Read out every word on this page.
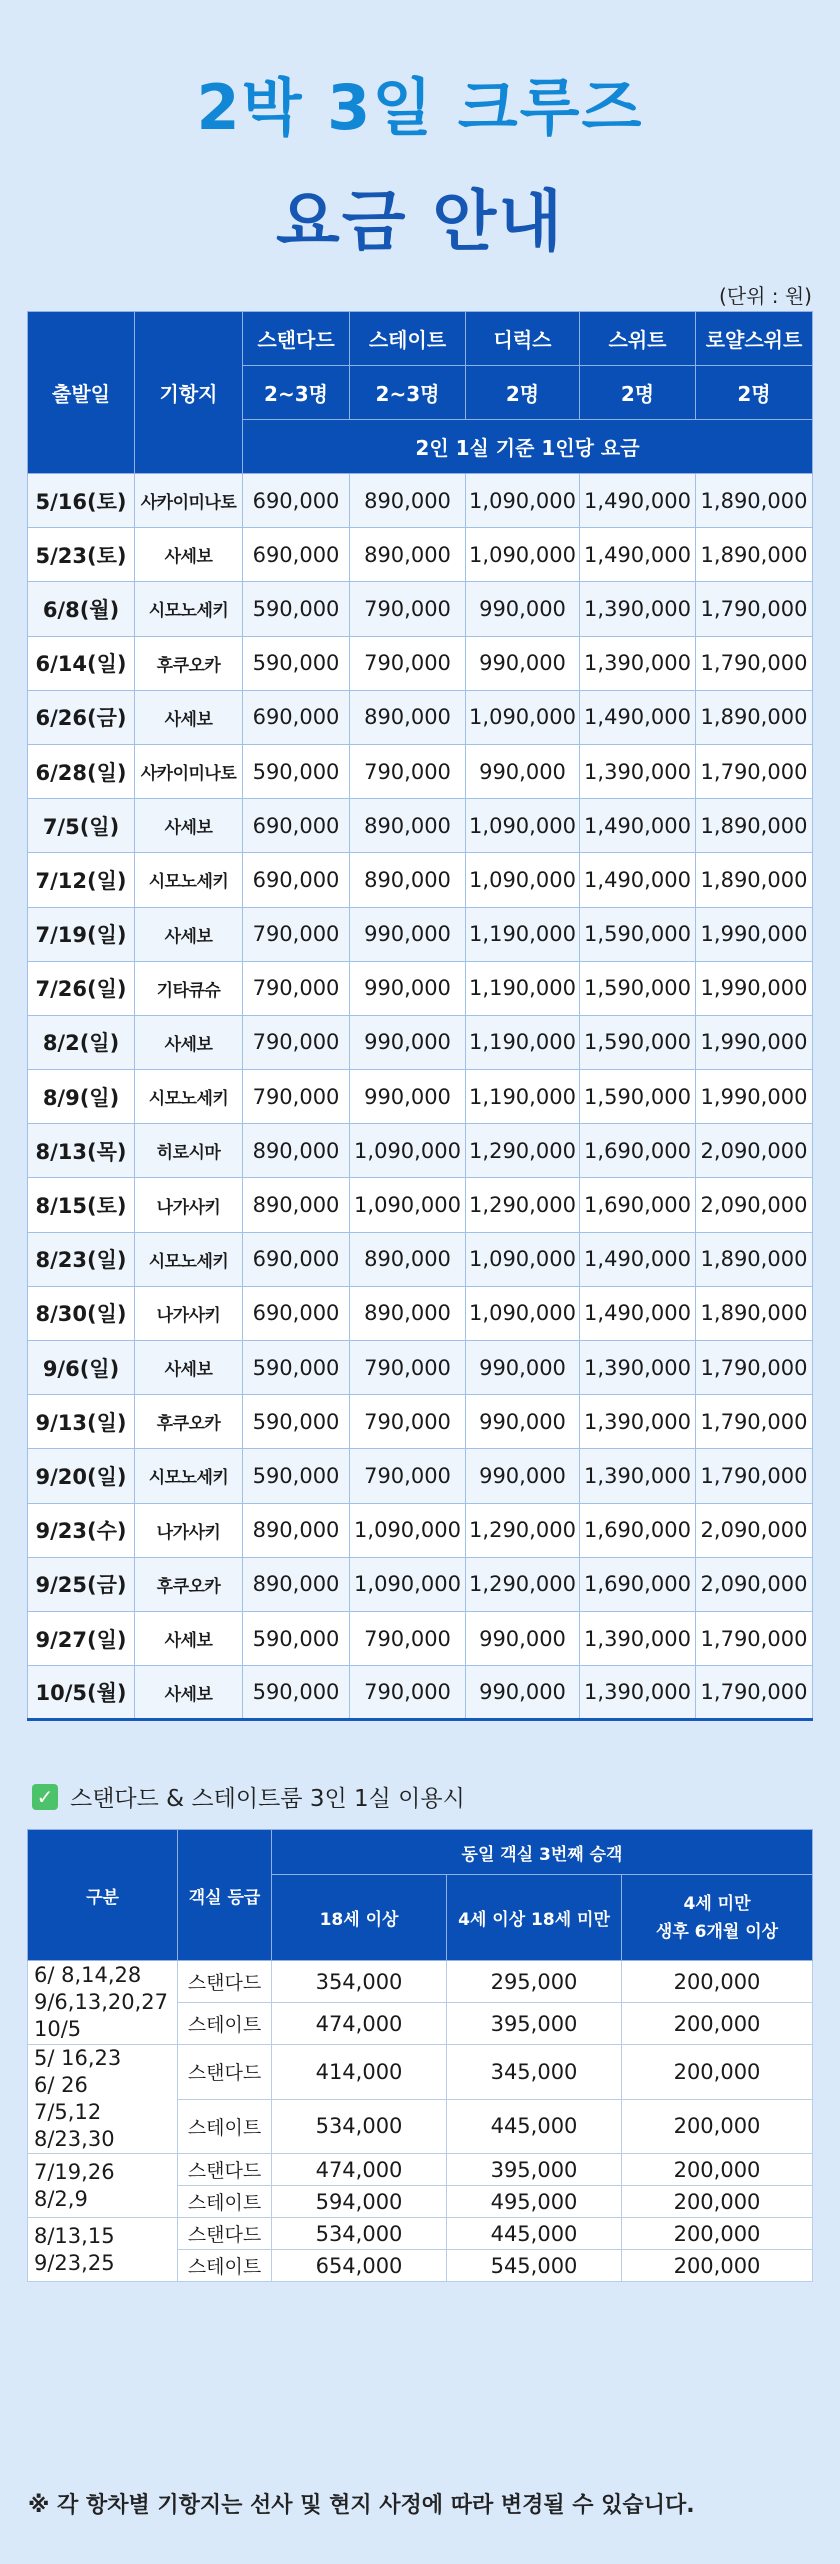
2박 3일 크루즈
요금 안내
(단위 : 원)
출발일	기항지	스탠다드	스테이트	디럭스	스위트	로얄스위트
		2~3명	2~3명	2명	2명	2명
		2인 1실 기준 1인당 요금				
5/16(토)	사카이미나토	690,000	890,000	1,090,000	1,490,000	1,890,000
5/23(토)	사세보	690,000	890,000	1,090,000	1,490,000	1,890,000
6/8(월)	시모노세키	590,000	790,000	990,000	1,390,000	1,790,000
6/14(일)	후쿠오카	590,000	790,000	990,000	1,390,000	1,790,000
6/26(금)	사세보	690,000	890,000	1,090,000	1,490,000	1,890,000
6/28(일)	사카이미나토	590,000	790,000	990,000	1,390,000	1,790,000
7/5(일)	사세보	690,000	890,000	1,090,000	1,490,000	1,890,000
7/12(일)	시모노세키	690,000	890,000	1,090,000	1,490,000	1,890,000
7/19(일)	사세보	790,000	990,000	1,190,000	1,590,000	1,990,000
7/26(일)	기타큐슈	790,000	990,000	1,190,000	1,590,000	1,990,000
8/2(일)	사세보	790,000	990,000	1,190,000	1,590,000	1,990,000
8/9(일)	시모노세키	790,000	990,000	1,190,000	1,590,000	1,990,000
8/13(목)	히로시마	890,000	1,090,000	1,290,000	1,690,000	2,090,000
8/15(토)	나가사키	890,000	1,090,000	1,290,000	1,690,000	2,090,000
8/23(일)	시모노세키	690,000	890,000	1,090,000	1,490,000	1,890,000
8/30(일)	나가사키	690,000	890,000	1,090,000	1,490,000	1,890,000
9/6(일)	사세보	590,000	790,000	990,000	1,390,000	1,790,000
9/13(일)	후쿠오카	590,000	790,000	990,000	1,390,000	1,790,000
9/20(일)	시모노세키	590,000	790,000	990,000	1,390,000	1,790,000
9/23(수)	나가사키	890,000	1,090,000	1,290,000	1,690,000	2,090,000
9/25(금)	후쿠오카	890,000	1,090,000	1,290,000	1,690,000	2,090,000
9/27(일)	사세보	590,000	790,000	990,000	1,390,000	1,790,000
10/5(월)	사세보	590,000	790,000	990,000	1,390,000	1,790,000
✓ 스탠다드 & 스테이트룸 3인 1실 이용시
구분	객실 등급	동일 객실 3번째 승객		
		18세 이상	4세 이상 18세 미만	4세 미만
생후 6개월 이상
6/ 8,14,28
9/6,13,20,27
10/5	스탠다드	354,000	295,000	200,000
	스테이트	474,000	395,000	200,000
5/ 16,23
6/ 26
7/5,12
8/23,30	스탠다드	414,000	345,000	200,000
	스테이트	534,000	445,000	200,000
7/19,26
8/2,9	스탠다드	474,000	395,000	200,000
	스테이트	594,000	495,000	200,000
8/13,15
9/23,25	스탠다드	534,000	445,000	200,000
	스테이트	654,000	545,000	200,000
※ 각 항차별 기항지는 선사 및 현지 사정에 따라 변경될 수 있습니다.
